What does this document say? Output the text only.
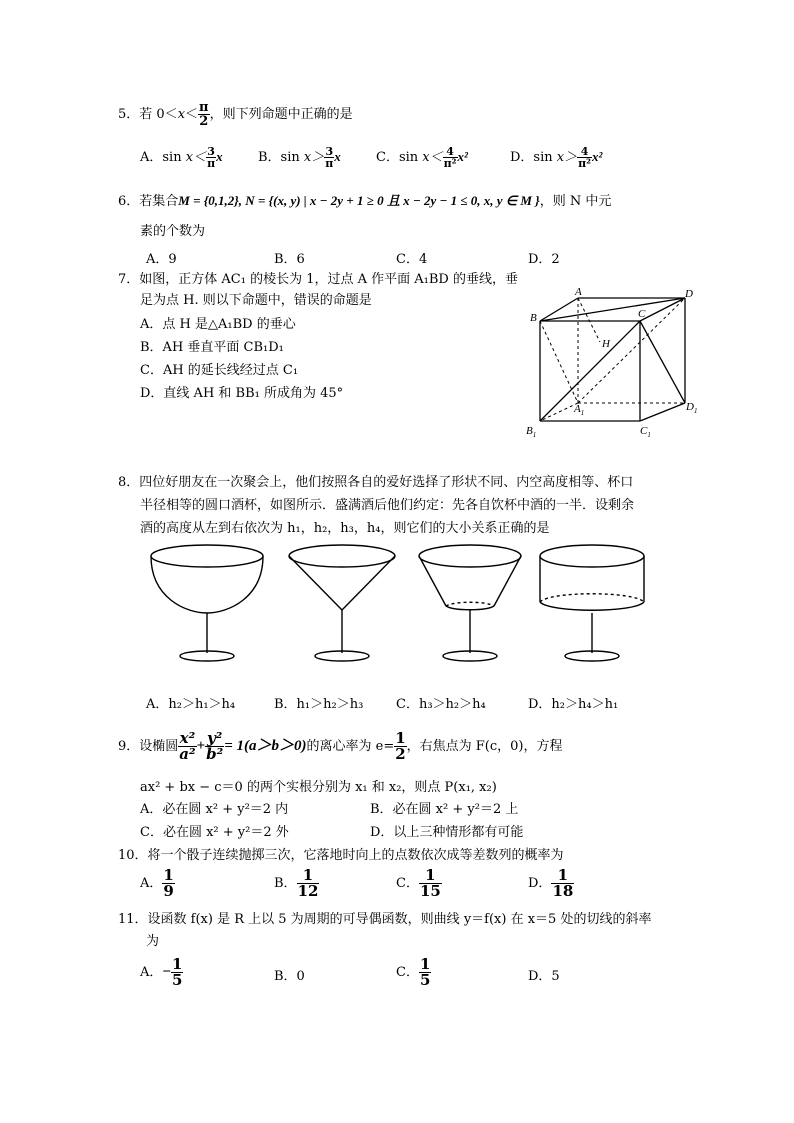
5．若 $0<x< \frac{\pi}{2}$ ，则下列命题中正确的是
A．$\sin x< \frac{3}{\pi}$ x	B．$\sin x> \frac{3}{\pi}$ x	C．$\sin x< \frac{4}{\text{π²}} x^2$	D．$\sin x> \frac{4}{\text{π²}} x^2$
6．若集合M = {0,1,2}, N = {(x, y) | x − 2y + 1 ≥ 0 且 x − 2y − 1 ≤ 0, x, y ∈ M }，则 N 中元
素的个数为
A．9	B．6	C．4	D．2
7．如图，正方体 AC₁ 的棱长为 1，过点 A 作平面 A₁BD 的垂线，垂
足为点 H. 则以下命题中，错误的命题是
A．点 H 是△A₁BD 的垂心
B．AH 垂直平面 CB₁D₁
C．AH 的延长线经过点 C₁
D．直线 AH 和 BB₁ 所成角为 45°
A
B	C
D
H
$A_1$
$B_1$	$C_1$
$D_1$
8．四位好朋友在一次聚会上，他们按照各自的爱好选择了形状不同、内空高度相等、杯口
半径相等的圆口酒杯，如图所示．盛满酒后他们约定：先各自饮杯中酒的一半．设剩余
酒的高度从左到右依次为 h₁，h₂，h₃，h₄，则它们的大小关系正确的是
A．h₂＞h₁＞h₄	B．h₁＞h₂＞h₃	C．h₃＞h₂＞h₄	D．h₂＞h₄＞h₁
9．设椭圆 $\frac{\text{x²}}{\text{a²}} + \frac{\text{y²}}{\text{b²}} = 1(a>b>0)$的离心率为 $e= \frac{1}{2}$ ，右焦点为 F(c，0)，方程
ax² + bx − c＝0 的两个实根分别为 x₁ 和 x₂，则点 P(x₁, x₂)
A．必在圆 x² + y²＝2 内	B．必在圆 x² + y²＝2 上
C．必在圆 x² + y²＝2 外	D．以上三种情形都有可能
10．将一个骰子连续抛掷三次，它落地时向上的点数依次成等差数列的概率为
A． $\frac{1}{9}$	B． $\frac{1}{12}$	C． $\frac{1}{15}$	D． $\frac{1}{18}$
11．设函数 f(x) 是 R 上以 5 为周期的可导偶函数，则曲线 y＝f(x) 在 x＝5 处的切线的斜率
为
A．− $\frac{1}{5}$	B．0	C． $\frac{1}{5}$	D．5
